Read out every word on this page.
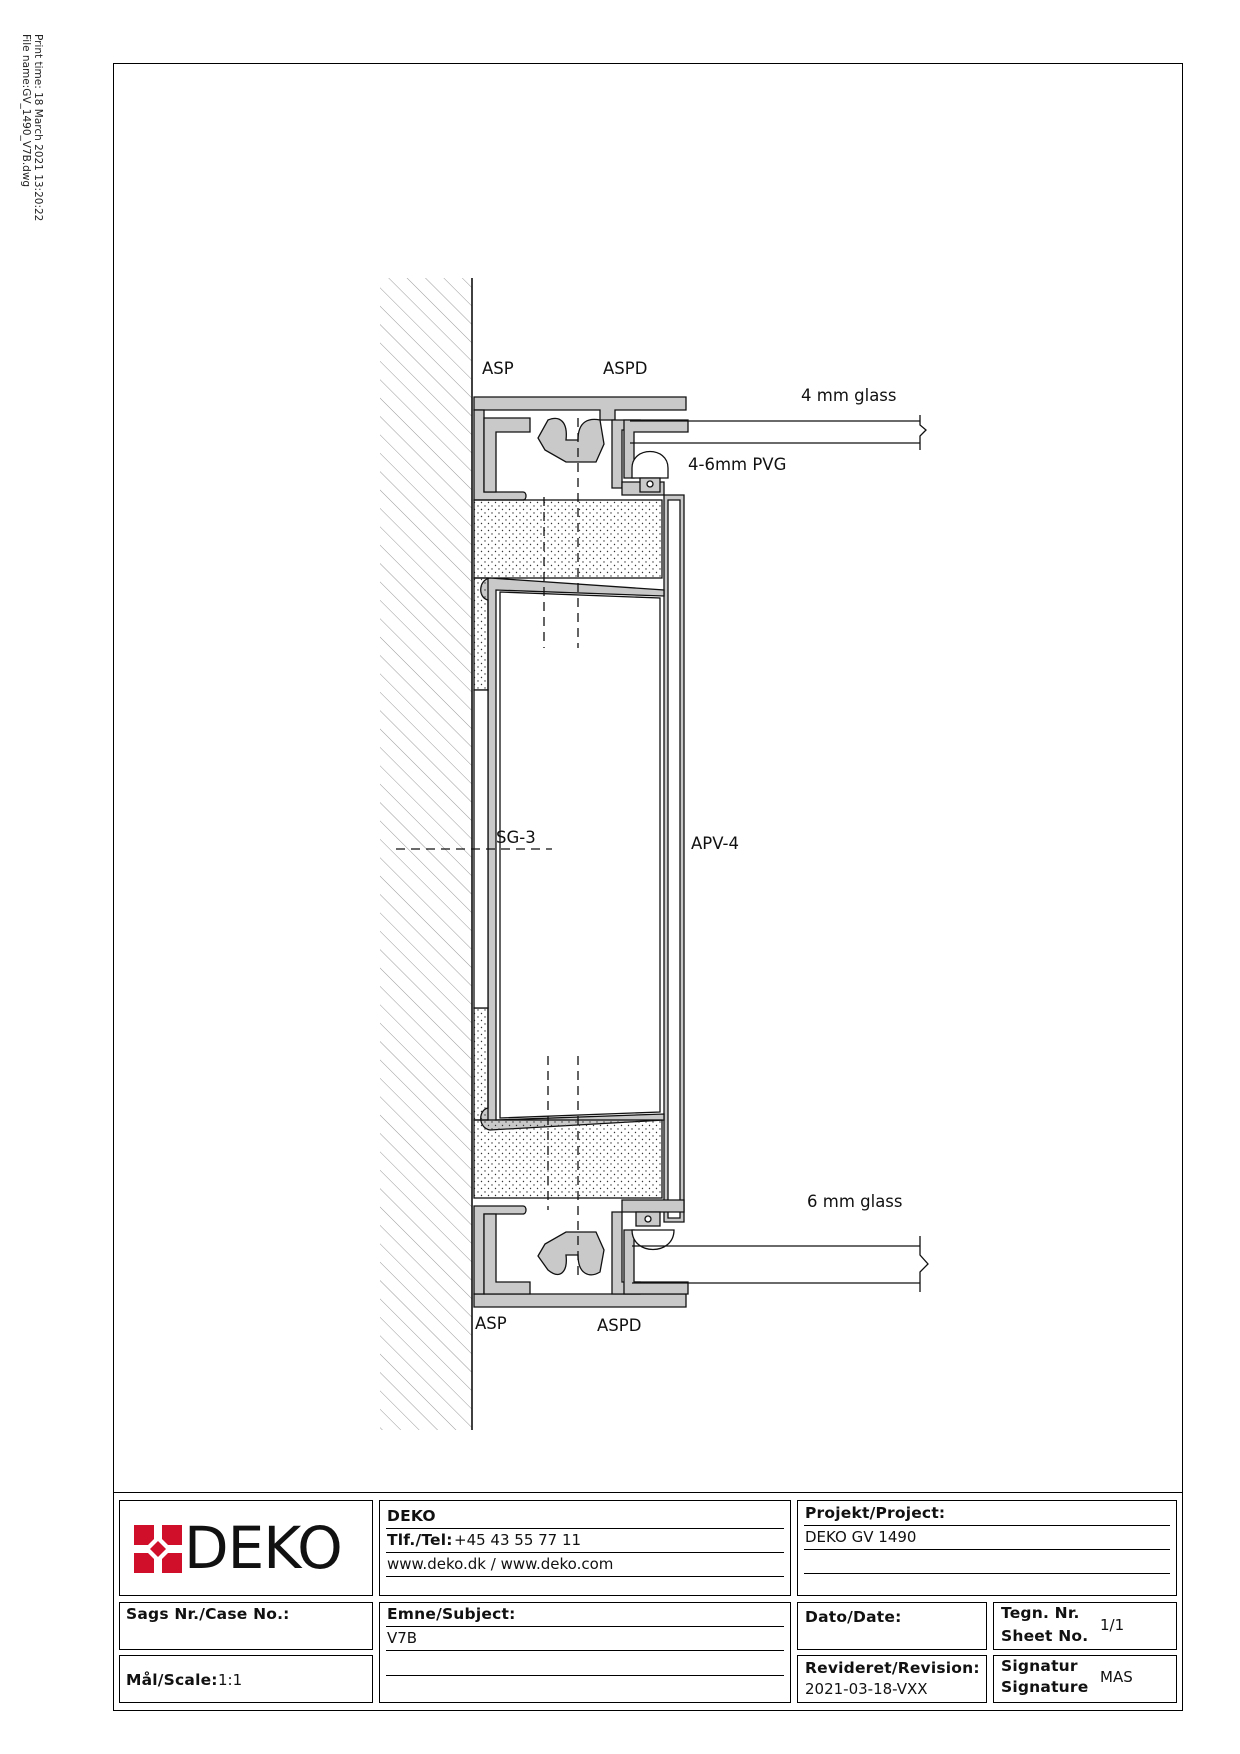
Print time: 18 March 2021 13:20:22
File name:GV_1490_V7B.dwg
ASP	ASPD
4 mm glass
4-6mm PVG
SG-3	APV-4
6 mm glass
ASP	ASPD
DEKO	DEKO
Tlf./Tel: +45 43 55 77 11
www.deko.dk / www.deko.com
Projekt/Project:
DEKO GV 1490
Sags Nr./Case No.:
Mål/Scale: 1:1
Emne/Subject:
V7B
Dato/Date:	Tegn. Nr.
Sheet No.
1/1
Revideret/Revision:
2021-03-18-VXX
Signatur
Signature
MAS
